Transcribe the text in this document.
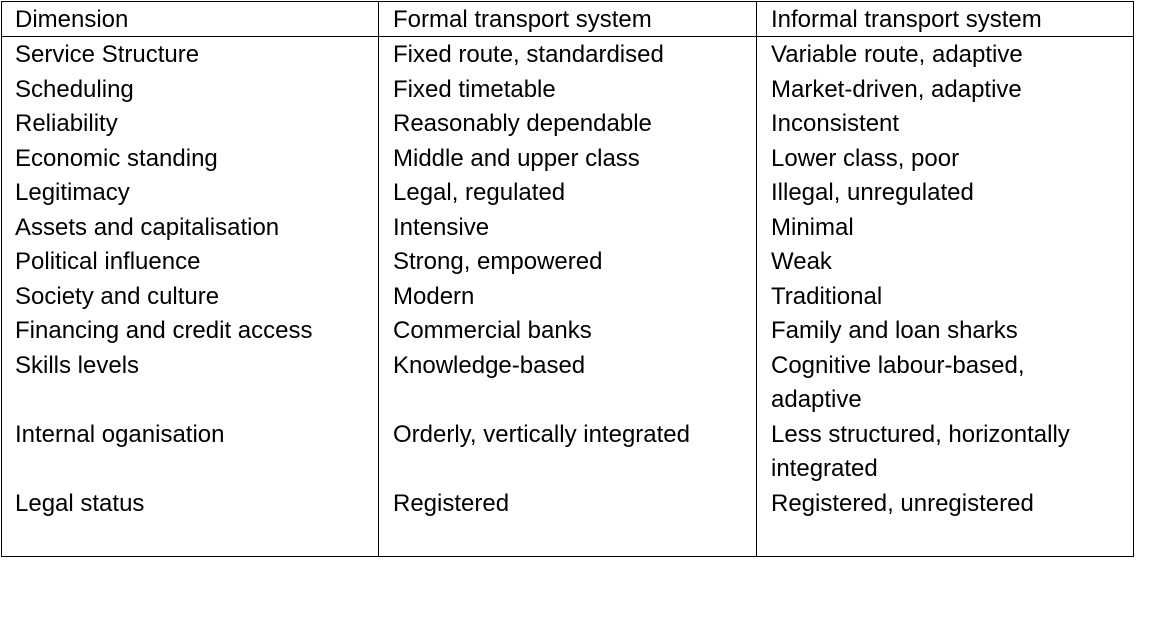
Dimension	Formal transport system	Informal transport system
Service Structure	Fixed route, standardised	Variable route, adaptive
Scheduling	Fixed timetable	Market-driven, adaptive
Reliability	Reasonably dependable	Inconsistent
Economic standing	Middle and upper class	Lower class, poor
Legitimacy	Legal, regulated	Illegal, unregulated
Assets and capitalisation	Intensive	Minimal
Political influence	Strong, empowered	Weak
Society and culture	Modern	Traditional
Financing and credit access	Commercial banks	Family and loan sharks
Skills levels	Knowledge-based	Cognitive labour-based, adaptive
Internal oganisation	Orderly, vertically integrated	Less structured, horizontally integrated
Legal status	Registered	Registered, unregistered
